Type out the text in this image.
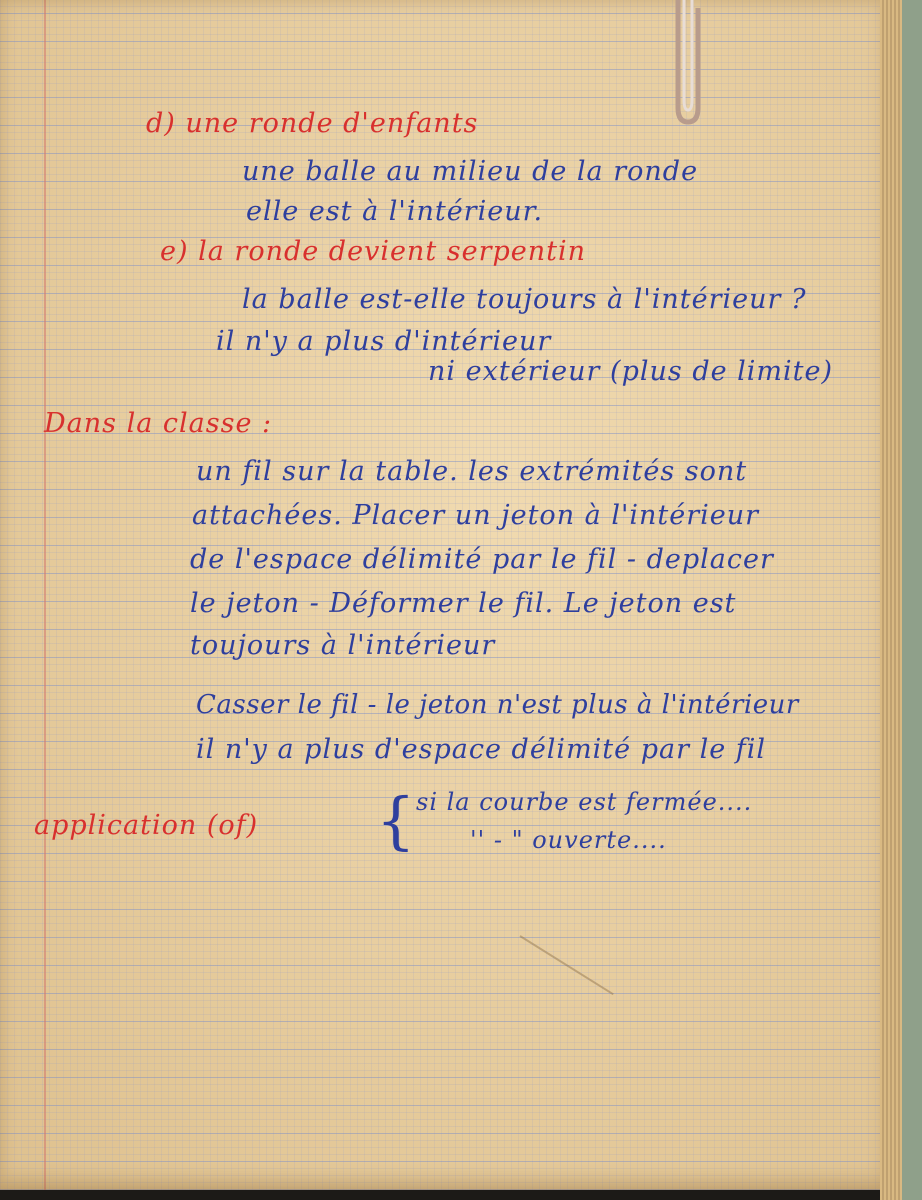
d) une ronde d'enfants
une balle au milieu de la ronde
elle est à l'intérieur.
e) la ronde devient serpentin
la balle est-elle toujours à l'intérieur ?
il n'y a plus d'intérieur
ni extérieur (plus de limite)
Dans la classe :
un fil sur la table. les extrémités sont
attachées. Placer un jeton à l'intérieur
de l'espace délimité par le fil - deplacer
le jeton - Déformer le fil. Le jeton est
toujours à l'intérieur
Casser le fil - le jeton n'est plus à l'intérieur
il n'y a plus d'espace délimité par le fil
application (of) { si la courbe est fermée....
'' - " ouverte....
